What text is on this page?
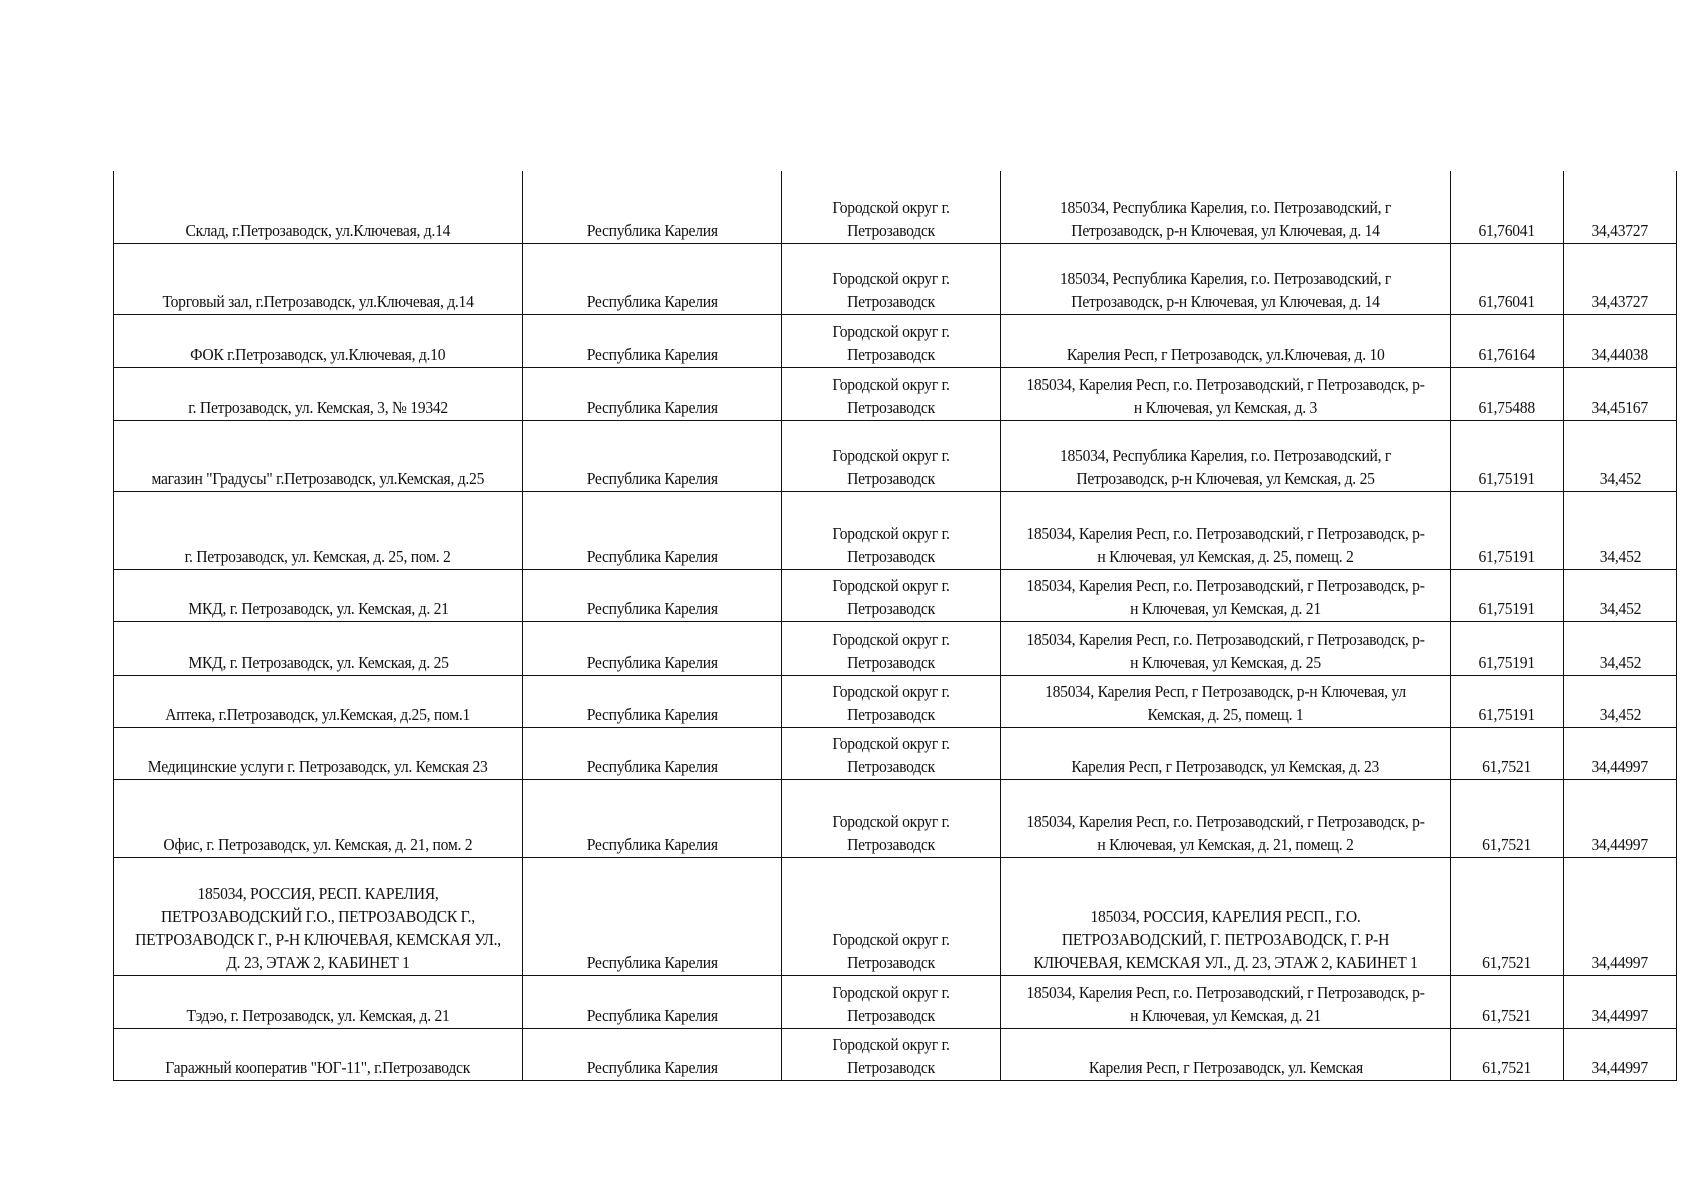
Склад, г.Петрозаводск, ул.Ключевая, д.14	Республика Карелия	Городской округ г. Петрозаводск	185034, Республика Карелия, г.о. Петрозаводский, г Петрозаводск, р-н Ключевая, ул Ключевая, д. 14	61,76041	34,43727
Торговый зал, г.Петрозаводск, ул.Ключевая, д.14	Республика Карелия	Городской округ г. Петрозаводск	185034, Республика Карелия, г.о. Петрозаводский, г Петрозаводск, р-н Ключевая, ул Ключевая, д. 14	61,76041	34,43727
ФОК г.Петрозаводск, ул.Ключевая, д.10	Республика Карелия	Городской округ г. Петрозаводск	Карелия Респ, г Петрозаводск, ул.Ключевая, д. 10	61,76164	34,44038
г. Петрозаводск, ул. Кемская, 3, № 19342	Республика Карелия	Городской округ г. Петрозаводск	185034, Карелия Респ, г.о. Петрозаводский, г Петрозаводск, р-н Ключевая, ул Кемская, д. 3	61,75488	34,45167
магазин "Градусы" г.Петрозаводск, ул.Кемская, д.25	Республика Карелия	Городской округ г. Петрозаводск	185034, Республика Карелия, г.о. Петрозаводский, г Петрозаводск, р-н Ключевая, ул Кемская, д. 25	61,75191	34,452
г. Петрозаводск, ул. Кемская, д. 25, пом. 2	Республика Карелия	Городской округ г. Петрозаводск	185034, Карелия Респ, г.о. Петрозаводский, г Петрозаводск, р-н Ключевая, ул Кемская, д. 25, помещ. 2	61,75191	34,452
МКД, г. Петрозаводск, ул. Кемская, д. 21	Республика Карелия	Городской округ г. Петрозаводск	185034, Карелия Респ, г.о. Петрозаводский, г Петрозаводск, р-н Ключевая, ул Кемская, д. 21	61,75191	34,452
МКД, г. Петрозаводск, ул. Кемская, д. 25	Республика Карелия	Городской округ г. Петрозаводск	185034, Карелия Респ, г.о. Петрозаводский, г Петрозаводск, р-н Ключевая, ул Кемская, д. 25	61,75191	34,452
Аптека, г.Петрозаводск, ул.Кемская, д.25, пом.1	Республика Карелия	Городской округ г. Петрозаводск	185034, Карелия Респ, г Петрозаводск, р-н Ключевая, ул Кемская, д. 25, помещ. 1	61,75191	34,452
Медицинские услуги г. Петрозаводск, ул. Кемская 23	Республика Карелия	Городской округ г. Петрозаводск	Карелия Респ, г Петрозаводск, ул Кемская, д. 23	61,7521	34,44997
Офис, г. Петрозаводск, ул. Кемская, д. 21, пом. 2	Республика Карелия	Городской округ г. Петрозаводск	185034, Карелия Респ, г.о. Петрозаводский, г Петрозаводск, р-н Ключевая, ул Кемская, д. 21, помещ. 2	61,7521	34,44997
185034, РОССИЯ, РЕСП. КАРЕЛИЯ, ПЕТРОЗАВОДСКИЙ Г.О., ПЕТРОЗАВОДСК Г., ПЕТРОЗАВОДСК Г., Р-Н КЛЮЧЕВАЯ, КЕМСКАЯ УЛ., Д. 23, ЭТАЖ 2, КАБИНЕТ 1	Республика Карелия	Городской округ г. Петрозаводск	185034, РОССИЯ, КАРЕЛИЯ РЕСП., Г.О. ПЕТРОЗАВОДСКИЙ, Г. ПЕТРОЗАВОДСК, Г. Р-Н КЛЮЧЕВАЯ, КЕМСКАЯ УЛ., Д. 23, ЭТАЖ 2, КАБИНЕТ 1	61,7521	34,44997
Тэдэо, г. Петрозаводск, ул. Кемская, д. 21	Республика Карелия	Городской округ г. Петрозаводск	185034, Карелия Респ, г.о. Петрозаводский, г Петрозаводск, р-н Ключевая, ул Кемская, д. 21	61,7521	34,44997
Гаражный кооператив "ЮГ-11", г.Петрозаводск	Республика Карелия	Городской округ г. Петрозаводск	Карелия Респ, г Петрозаводск, ул. Кемская	61,7521	34,44997
